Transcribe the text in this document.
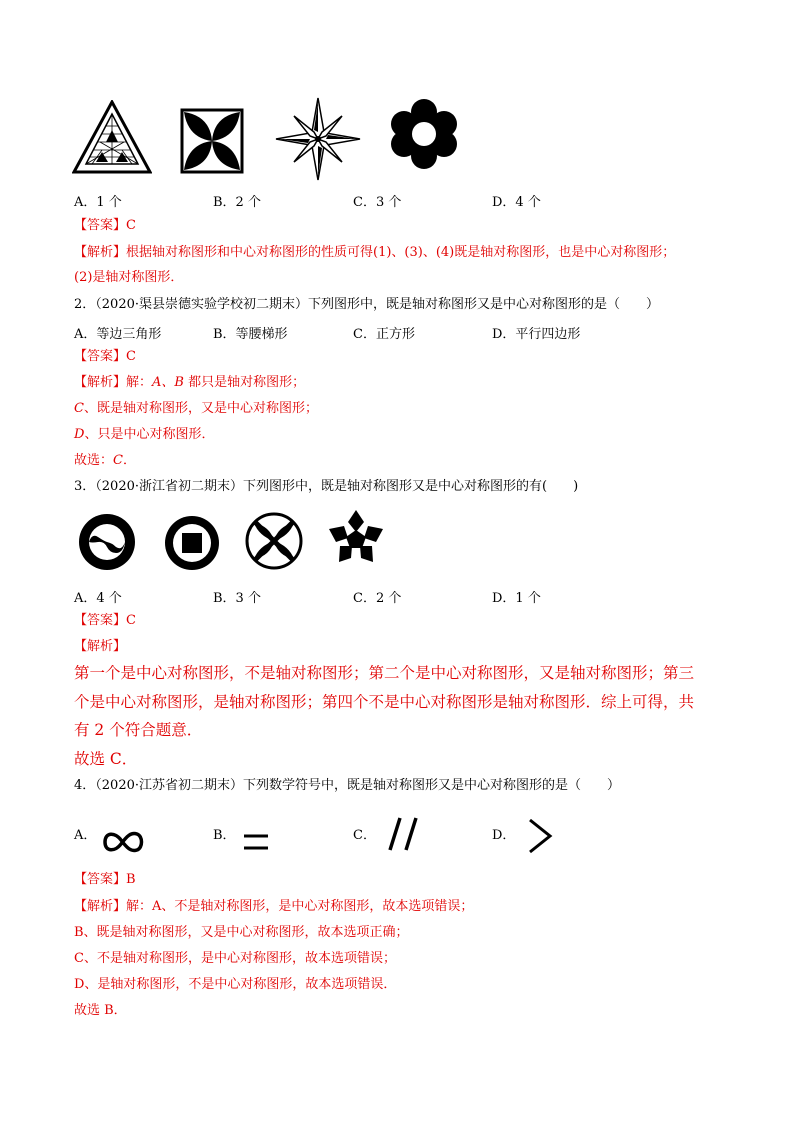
A．1 个	B．2 个	C．3 个	D．4 个
【答案】C
【解析】根据轴对称图形和中心对称图形的性质可得(1)、(3)、(4)既是轴对称图形，也是中心对称图形；
(2)是轴对称图形．
2．（2020·渠县崇德实验学校初二期末）下列图形中，既是轴对称图形又是中心对称图形的是（　　）
A．等边三角形	B．等腰梯形	C．正方形	D．平行四边形
【答案】C
【解析】解：A、B 都只是轴对称图形；
C、既是轴对称图形，又是中心对称图形；
D、只是中心对称图形．
故选：C．
3．（2020·浙江省初二期末）下列图形中，既是轴对称图形又是中心对称图形的有(　　)
A．4 个	B．3 个	C．2 个	D．1 个
【答案】C
【解析】
第一个是中心对称图形，不是轴对称图形；第二个是中心对称图形，又是轴对称图形；第三
个是中心对称图形，是轴对称图形；第四个不是中心对称图形是轴对称图形．综上可得，共
有 2 个符合题意．
故选 C．
4．（2020·江苏省初二期末）下列数学符号中，既是轴对称图形又是中心对称图形的是（　　）
A．	B．	C．	D．
【答案】B
【解析】解：A、不是轴对称图形，是中心对称图形，故本选项错误；
B、既是轴对称图形，又是中心对称图形，故本选项正确；
C、不是轴对称图形，是中心对称图形，故本选项错误；
D、是轴对称图形，不是中心对称图形，故本选项错误．
故选 B．
